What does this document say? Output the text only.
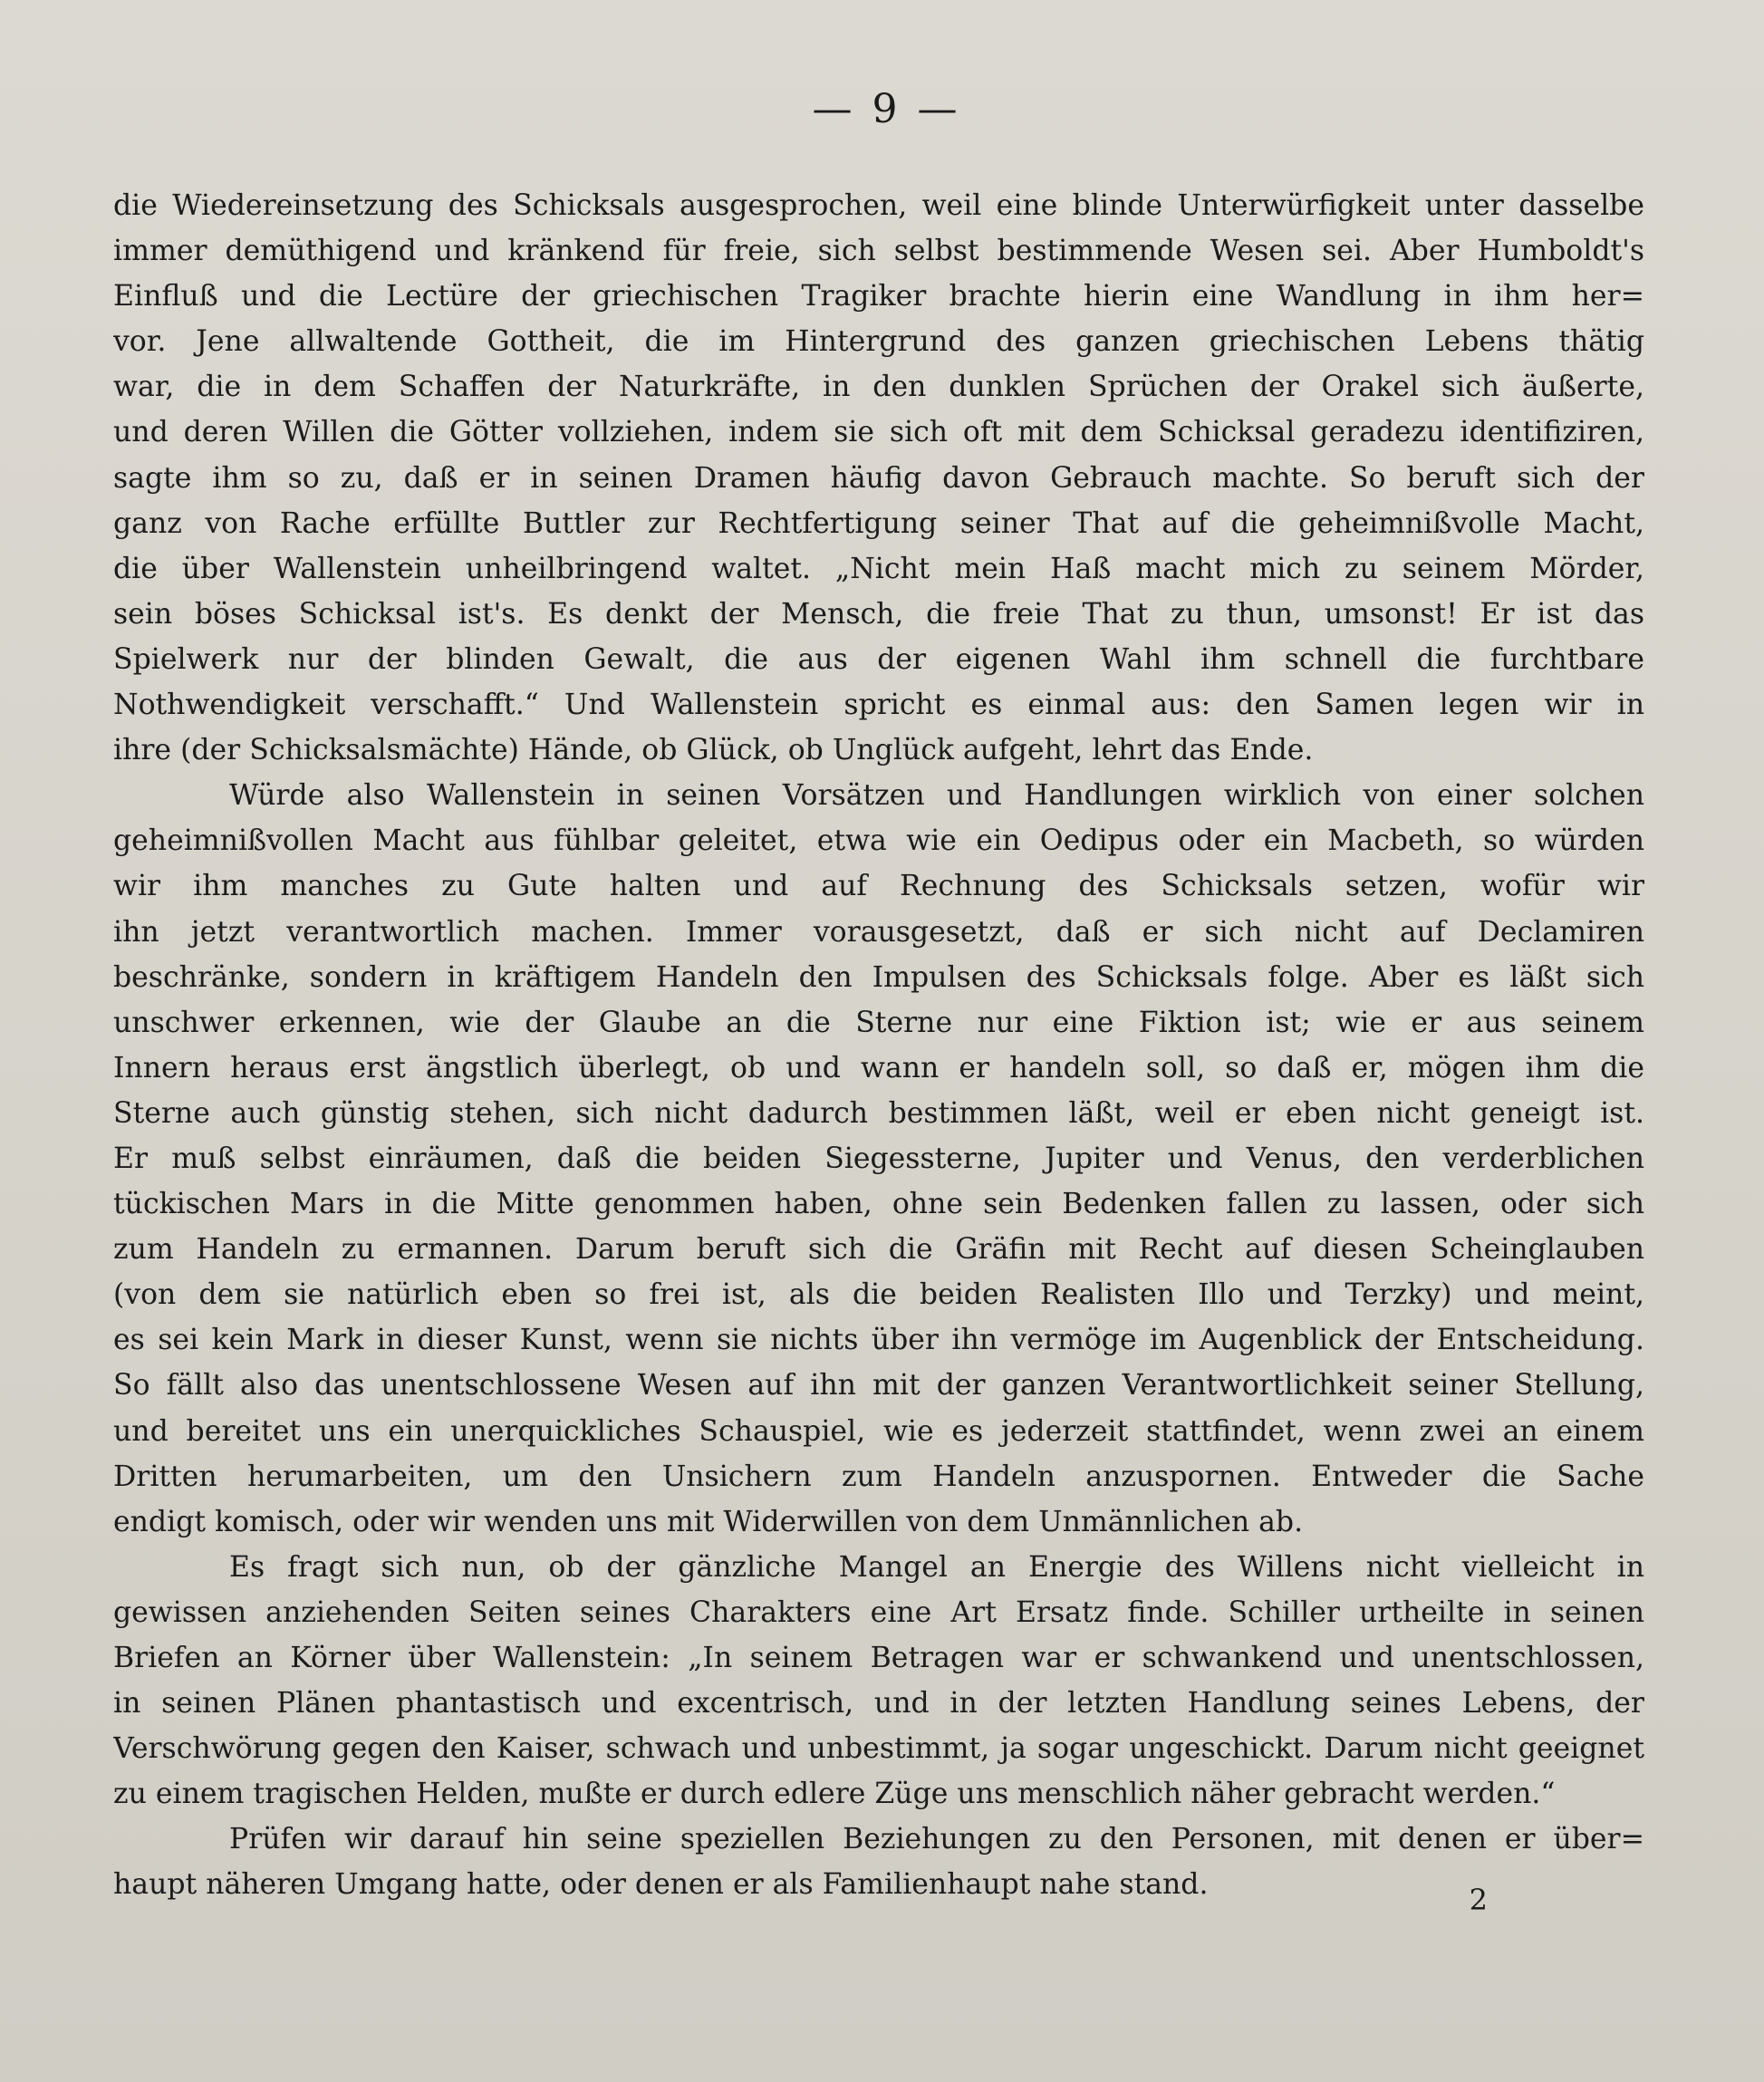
— 9 —
die Wiedereinsetzung des Schicksals ausgesprochen, weil eine blinde Unterwürfigkeit unter dasselbe
immer demüthigend und kränkend für freie, sich selbst bestimmende Wesen sei. Aber Humboldt's
Einfluß und die Lectüre der griechischen Tragiker brachte hierin eine Wandlung in ihm her=
vor. Jene allwaltende Gottheit, die im Hintergrund des ganzen griechischen Lebens thätig
war, die in dem Schaffen der Naturkräfte, in den dunklen Sprüchen der Orakel sich äußerte,
und deren Willen die Götter vollziehen, indem sie sich oft mit dem Schicksal geradezu identifiziren,
sagte ihm so zu, daß er in seinen Dramen häufig davon Gebrauch machte. So beruft sich der
ganz von Rache erfüllte Buttler zur Rechtfertigung seiner That auf die geheimnißvolle Macht,
die über Wallenstein unheilbringend waltet. „Nicht mein Haß macht mich zu seinem Mörder,
sein böses Schicksal ist's. Es denkt der Mensch, die freie That zu thun, umsonst! Er ist das
Spielwerk nur der blinden Gewalt, die aus der eigenen Wahl ihm schnell die furchtbare
Nothwendigkeit verschafft.“ Und Wallenstein spricht es einmal aus: den Samen legen wir in
ihre (der Schicksalsmächte) Hände, ob Glück, ob Unglück aufgeht, lehrt das Ende.
Würde also Wallenstein in seinen Vorsätzen und Handlungen wirklich von einer solchen
geheimnißvollen Macht aus fühlbar geleitet, etwa wie ein Oedipus oder ein Macbeth, so würden
wir ihm manches zu Gute halten und auf Rechnung des Schicksals setzen, wofür wir
ihn jetzt verantwortlich machen. Immer vorausgesetzt, daß er sich nicht auf Declamiren
beschränke, sondern in kräftigem Handeln den Impulsen des Schicksals folge. Aber es läßt sich
unschwer erkennen, wie der Glaube an die Sterne nur eine Fiktion ist; wie er aus seinem
Innern heraus erst ängstlich überlegt, ob und wann er handeln soll, so daß er, mögen ihm die
Sterne auch günstig stehen, sich nicht dadurch bestimmen läßt, weil er eben nicht geneigt ist.
Er muß selbst einräumen, daß die beiden Siegessterne, Jupiter und Venus, den verderblichen
tückischen Mars in die Mitte genommen haben, ohne sein Bedenken fallen zu lassen, oder sich
zum Handeln zu ermannen. Darum beruft sich die Gräfin mit Recht auf diesen Scheinglauben
(von dem sie natürlich eben so frei ist, als die beiden Realisten Illo und Terzky) und meint,
es sei kein Mark in dieser Kunst, wenn sie nichts über ihn vermöge im Augenblick der Entscheidung.
So fällt also das unentschlossene Wesen auf ihn mit der ganzen Verantwortlichkeit seiner Stellung,
und bereitet uns ein unerquickliches Schauspiel, wie es jederzeit stattfindet, wenn zwei an einem
Dritten herumarbeiten, um den Unsichern zum Handeln anzuspornen. Entweder die Sache
endigt komisch, oder wir wenden uns mit Widerwillen von dem Unmännlichen ab.
Es fragt sich nun, ob der gänzliche Mangel an Energie des Willens nicht vielleicht in
gewissen anziehenden Seiten seines Charakters eine Art Ersatz finde. Schiller urtheilte in seinen
Briefen an Körner über Wallenstein: „In seinem Betragen war er schwankend und unentschlossen,
in seinen Plänen phantastisch und excentrisch, und in der letzten Handlung seines Lebens, der
Verschwörung gegen den Kaiser, schwach und unbestimmt, ja sogar ungeschickt. Darum nicht geeignet
zu einem tragischen Helden, mußte er durch edlere Züge uns menschlich näher gebracht werden.“
Prüfen wir darauf hin seine speziellen Beziehungen zu den Personen, mit denen er über=
haupt näheren Umgang hatte, oder denen er als Familienhaupt nahe stand.	2
